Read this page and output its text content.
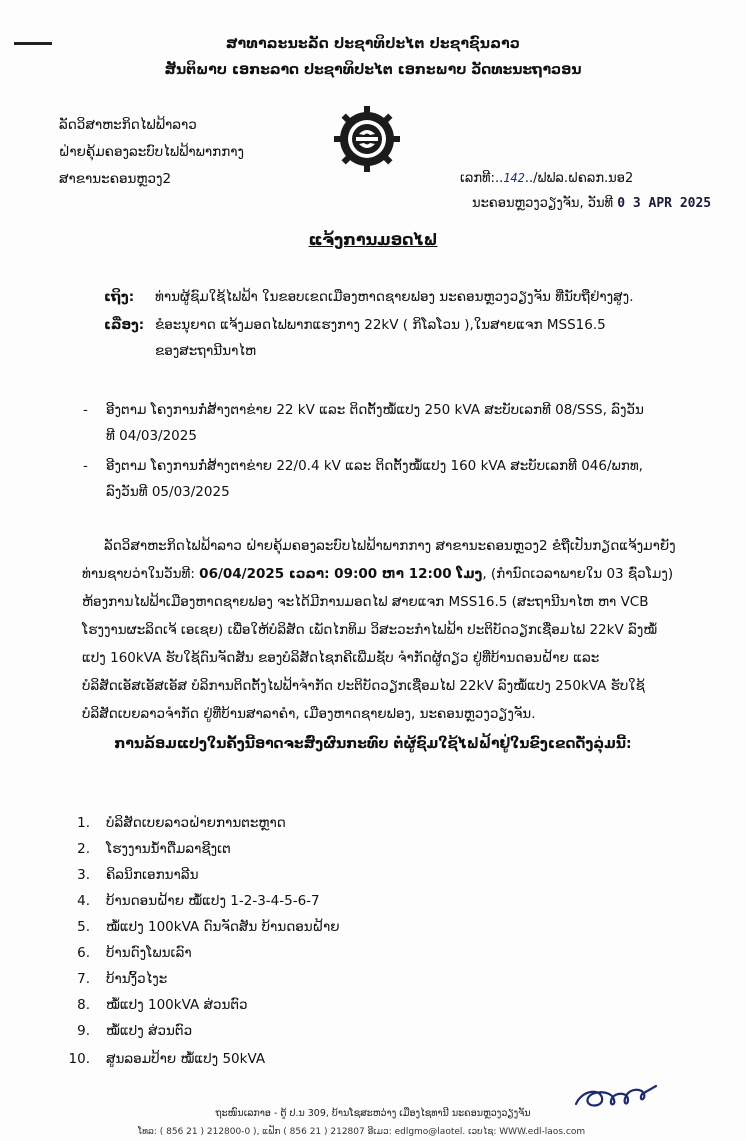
ສາທາລະນະລັດ ປະຊາທິປະໄຕ ປະຊາຊົນລາວ
ສັນຕິພາບ ເອກະລາດ ປະຊາທິປະໄຕ ເອກະພາບ ວັດທະນະຖາວອນ
ລັດວິສາຫະກິດໄຟຟ້າລາວ
ຝ່າຍຄຸ້ມຄອງລະບົບໄຟຟ້າພາກກາງ
ສາຂານະຄອນຫຼວງ2	ເລກທີ:..142../ຟຟລ.ຝຄລກ.ນອ2
ນະຄອນຫຼວງວຽງຈັນ, ວັນທີ 0 3 APR 2025
ແຈ້ງການມອດໄຟ
ເຖິງ: ທ່ານຜູ້ຊົມໃຊ້ໄຟຟ້າ ໃນຂອບເຂດເມືອງຫາດຊາຍຟອງ ນະຄອນຫຼວງວຽງຈັນ ທີ່ນັບຖືຢ່າງສູງ.
ເລື່ອງ: ຂໍອະນຸຍາດ ແຈ້ງມອດໄຟພາກແຮງກາງ 22kV ( ກິໂລໂວນ ),ໃນສາຍແຈກ MSS16.5
ຂອງສະຖານີນາໄຫ
- ອີງຕາມ ໂຄງການກໍ່ສ້າງຕາຂ່າຍ 22 kV ແລະ ຕິດຕັ້ງໝໍ້ແປງ 250 kVA ສະບັບເລກທີ 08/SSS, ລົງວັນ
ທີ 04/03/2025
- ອີງຕາມ ໂຄງການກໍ່ສ້າງຕາຂ່າຍ 22/0.4 kV ແລະ ຕິດຕັ້ງໝໍ້ແປງ 160 kVA ສະບັບເລກທີ 046/ພກທ,
ລົງວັນທີ 05/03/2025
ລັດວິສາຫະກິດໄຟຟ້າລາວ ຝ່າຍຄຸ້ມຄອງລະບົບໄຟຟ້າພາກກາງ ສາຂານະຄອນຫຼວງ2 ຂໍຖືເປັນກຽດແຈ້ງມາຍັງ
ທ່ານຊາບວ່າໃນວັນທີ: 06/04/2025 ເວລາ: 09:00 ຫາ 12:00 ໂມງ, (ກຳນົດເວລາພາຍໃນ 03 ຊົ່ວໂມງ)
ຫ້ອງການໄຟຟ້າເມືອງຫາດຊາຍຟອງ ຈະໄດ້ມີການມອດໄຟ ສາຍແຈກ MSS16.5 (ສະຖານີນາໄຫ ຫາ VCB
ໂຮງງານຜະລິດເຈ້ ເອເຊຍ) ເພື່ອໃຫ້ບໍລິສັດ ເພັດໄກທິມ ວິສະວະກຳໄຟຟ້າ ປະຕິບັດວຽກເຊື່ອມໄຟ 22kV ລົງໝໍ້
ແປງ 160kVA ຮັບໃຊ້ດົນຈັດສັນ ຂອງບໍລິສັດໄຊກຄີເພີ່ມຊັບ ຈຳກັດຜູ້ດຽວ ຢູ່ທີ່ບ້ານດອນຝ້າຍ ແລະ
ບໍລິສັດເອັສເອັສເອັສ ບໍລິການຕິດຕັ້ງໄຟຟ້າຈຳກັດ ປະຕິບັດວຽກເຊື່ອມໄຟ 22kV ລົງໝໍ້ແປງ 250kVA ຮັບໃຊ້
ບໍລິສັດເບຍລາວຈຳກັດ ຢູ່ທີ່ບ້ານສາລາຄຳ, ເມືອງຫາດຊາຍຟອງ, ນະຄອນຫຼວງວຽງຈັນ.
ການລ້ອມແປງໃນຄັ້ງນີ້ອາດຈະສົ່ງຜົນກະທົບ ຕໍ່ຜູ້ຊົມໃຊ້ໄຟຟ້າຢູ່ໃນຂົງເຂດດັ່ງລຸ່ມນີ້:
1. ບໍລິສັດເບຍລາວຝ່າຍການຕະຫຼາດ
2. ໂຮງງານນ້ຳດື່ມລາຊີງເຕ
3. ຄິລນິກເອກນາລີນ
4. ບ້ານດອນຝ້າຍ ໝໍ້ແປງ 1-2-3-4-5-6-7
5. ໝໍ້ແປງ 100kVA ດົນຈັດສັນ ບ້ານດອນຝ້າຍ
6. ບ້ານດົງໂພນເລົາ
7. ບ້ານງິ້ວໄງະ
8. ໝໍ້ແປງ 100kVA ສ່ວນຕົວ
9. ໝໍ້ແປງ ສ່ວນຕົວ
10. ສູນລອມປ້າຍ ໝໍ້ແປງ 50kVA
ຖະໜົນເລກາອ - ຕູ້ ປ.ນ 309, ບ້ານໂຊສະຫວ່າງ ເມືອງໄຊທານີ ນະຄອນຫຼວງວຽງຈັນ
ໂທລ: ( 856 21 ) 212800-0 ), ແຟັກ ( 856 21 ) 212807 ອີເມວ: edlgmo@laotel. ເວບໄຊ: WWW.edl-laos.com
